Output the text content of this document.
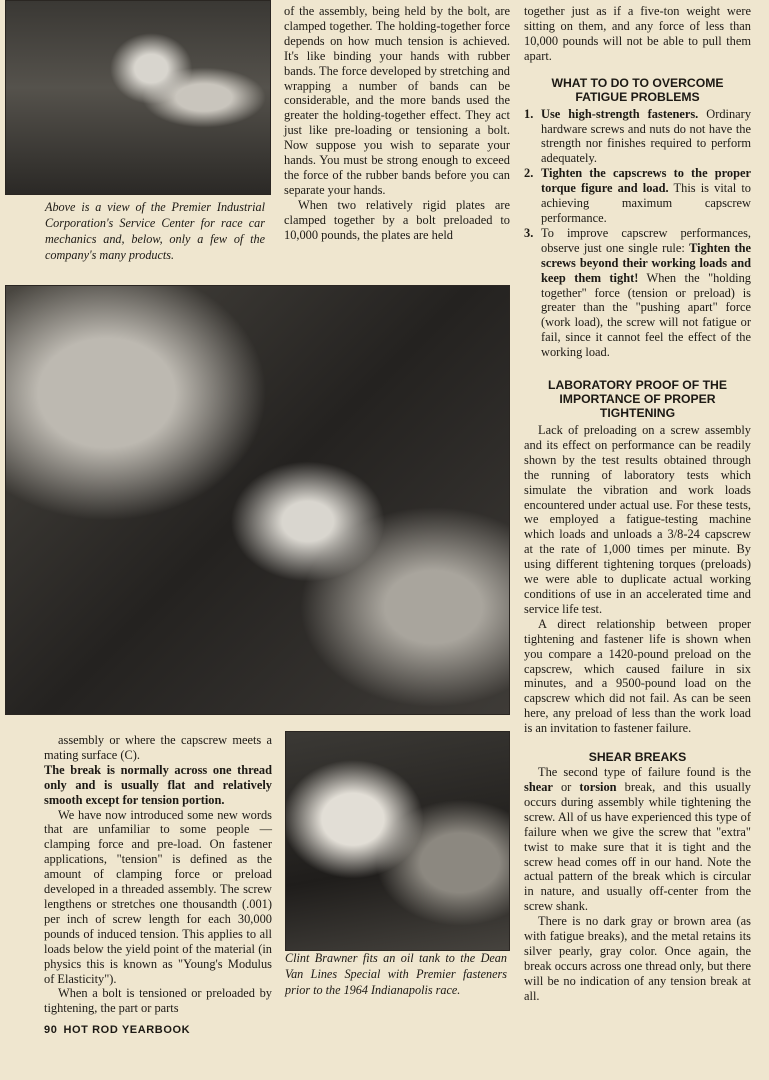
Above is a view of the Premier Industrial Corporation's Service Center for race car mechanics and, below, only a few of the company's many products.

of the assembly, being held by the bolt, are clamped together. The holding-together force depends on how much tension is achieved. It's like binding your hands with rubber bands. The force developed by stretching and wrapping a number of bands can be considerable, and the more bands used the greater the holding-together effect. They act just like pre-loading or tensioning a bolt. Now suppose you wish to separate your hands. You must be strong enough to exceed the force of the rubber bands before you can separate your hands.

When two relatively rigid plates are clamped together by a bolt preloaded to 10,000 pounds, the plates are held

together just as if a five-ton weight were sitting on them, and any force of less than 10,000 pounds will not be able to pull them apart.

WHAT TO DO TO OVERCOME FATIGUE PROBLEMS
1. Use high-strength fasteners. Ordinary hardware screws and nuts do not have the strength nor finishes required to perform adequately.
2. Tighten the capscrews to the proper torque figure and load. This is vital to achieving maximum capscrew performance.
3. To improve capscrew performances, observe just one single rule: Tighten the screws beyond their working loads and keep them tight! When the "holding together" force (tension or preload) is greater than the "pushing apart" force (work load), the screw will not fatigue or fail, since it cannot feel the effect of the working load.
LABORATORY PROOF OF THE IMPORTANCE OF PROPER TIGHTENING

Lack of preloading on a screw assembly and its effect on performance can be readily shown by the test results obtained through the running of laboratory tests which simulate the vibration and work loads encountered under actual use. For these tests, we employed a fatigue-testing machine which loads and unloads a 3/8-24 capscrew at the rate of 1,000 times per minute. By using different tightening torques (preloads) we were able to duplicate actual working conditions of use in an accelerated time and service life test.

A direct relationship between proper tightening and fastener life is shown when you compare a 1420-pound preload on the capscrew, which caused failure in six minutes, and a 9500-pound load on the capscrew which did not fail. As can be seen here, any preload of less than the work load is an invitation to fastener failure.

SHEAR BREAKS

The second type of failure found is the shear or torsion break, and this usually occurs during assembly while tightening the screw. All of us have experienced this type of failure when we give the screw that "extra" twist to make sure that it is tight and the screw head comes off in our hand. Note the actual pattern of the break which is circular in nature, and usually off-center from the screw shank.

There is no dark gray or brown area (as with fatigue breaks), and the metal retains its silver pearly, gray color. Once again, the break occurs across one thread only, but there will be no indication of any tension break at all.

assembly or where the capscrew meets a mating surface (C).

The break is normally across one thread only and is usually flat and relatively smooth except for tension portion.

We have now introduced some new words that are unfamiliar to some people — clamping force and pre-load. On fastener applications, "tension" is defined as the amount of clamping force or preload developed in a threaded assembly. The screw lengthens or stretches one thousandth (.001) per inch of screw length for each 30,000 pounds of induced tension. This applies to all loads below the yield point of the material (in physics this is known as "Young's Modulus of Elasticity").

When a bolt is tensioned or preloaded by tightening, the part or parts

Clint Brawner fits an oil tank to the Dean Van Lines Special with Premier fasteners prior to the 1964 Indianapolis race.

90 HOT ROD YEARBOOK
